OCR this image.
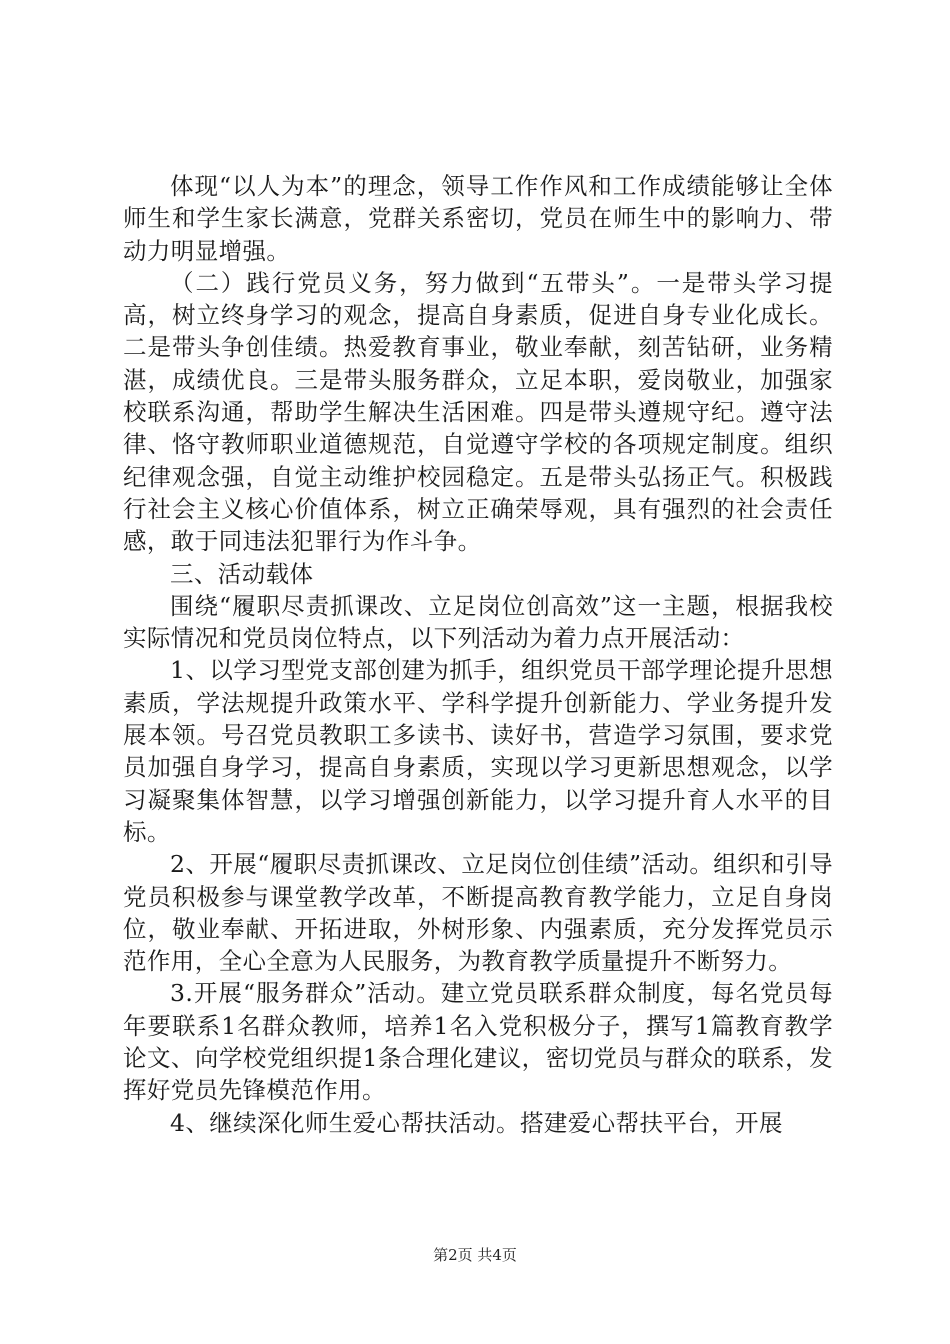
体现“以人为本”的理念，领导工作作风和工作成绩能够让全体师生和学生家长满意，党群关系密切，党员在师生中的影响力、带动力明显增强。

（二）践行党员义务，努力做到“五带头”。一是带头学习提高，树立终身学习的观念，提高自身素质，促进自身专业化成长。二是带头争创佳绩。热爱教育事业，敬业奉献，刻苦钻研，业务精湛，成绩优良。三是带头服务群众，立足本职，爱岗敬业，加强家校联系沟通，帮助学生解决生活困难。四是带头遵规守纪。遵守法律、恪守教师职业道德规范，自觉遵守学校的各项规定制度。组织纪律观念强，自觉主动维护校园稳定。五是带头弘扬正气。积极践行社会主义核心价值体系，树立正确荣辱观，具有强烈的社会责任感，敢于同违法犯罪行为作斗争。

三、活动载体

围绕“履职尽责抓课改、立足岗位创高效”这一主题，根据我校实际情况和党员岗位特点，以下列活动为着力点开展活动：

1、以学习型党支部创建为抓手，组织党员干部学理论提升思想素质，学法规提升政策水平、学科学提升创新能力、学业务提升发展本领。号召党员教职工多读书、读好书，营造学习氛围，要求党员加强自身学习，提高自身素质，实现以学习更新思想观念，以学习凝聚集体智慧，以学习增强创新能力，以学习提升育人水平的目标。

2、开展“履职尽责抓课改、立足岗位创佳绩”活动。组织和引导党员积极参与课堂教学改革，不断提高教育教学能力，立足自身岗位，敬业奉献、开拓进取，外树形象、内强素质，充分发挥党员示范作用，全心全意为人民服务，为教育教学质量提升不断努力。

3.开展“服务群众”活动。建立党员联系群众制度，每名党员每年要联系1名群众教师，培养1名入党积极分子，撰写1篇教育教学论文、向学校党组织提1条合理化建议，密切党员与群众的联系，发挥好党员先锋模范作用。

4、继续深化师生爱心帮扶活动。搭建爱心帮扶平台，开展

第2页 共4页
